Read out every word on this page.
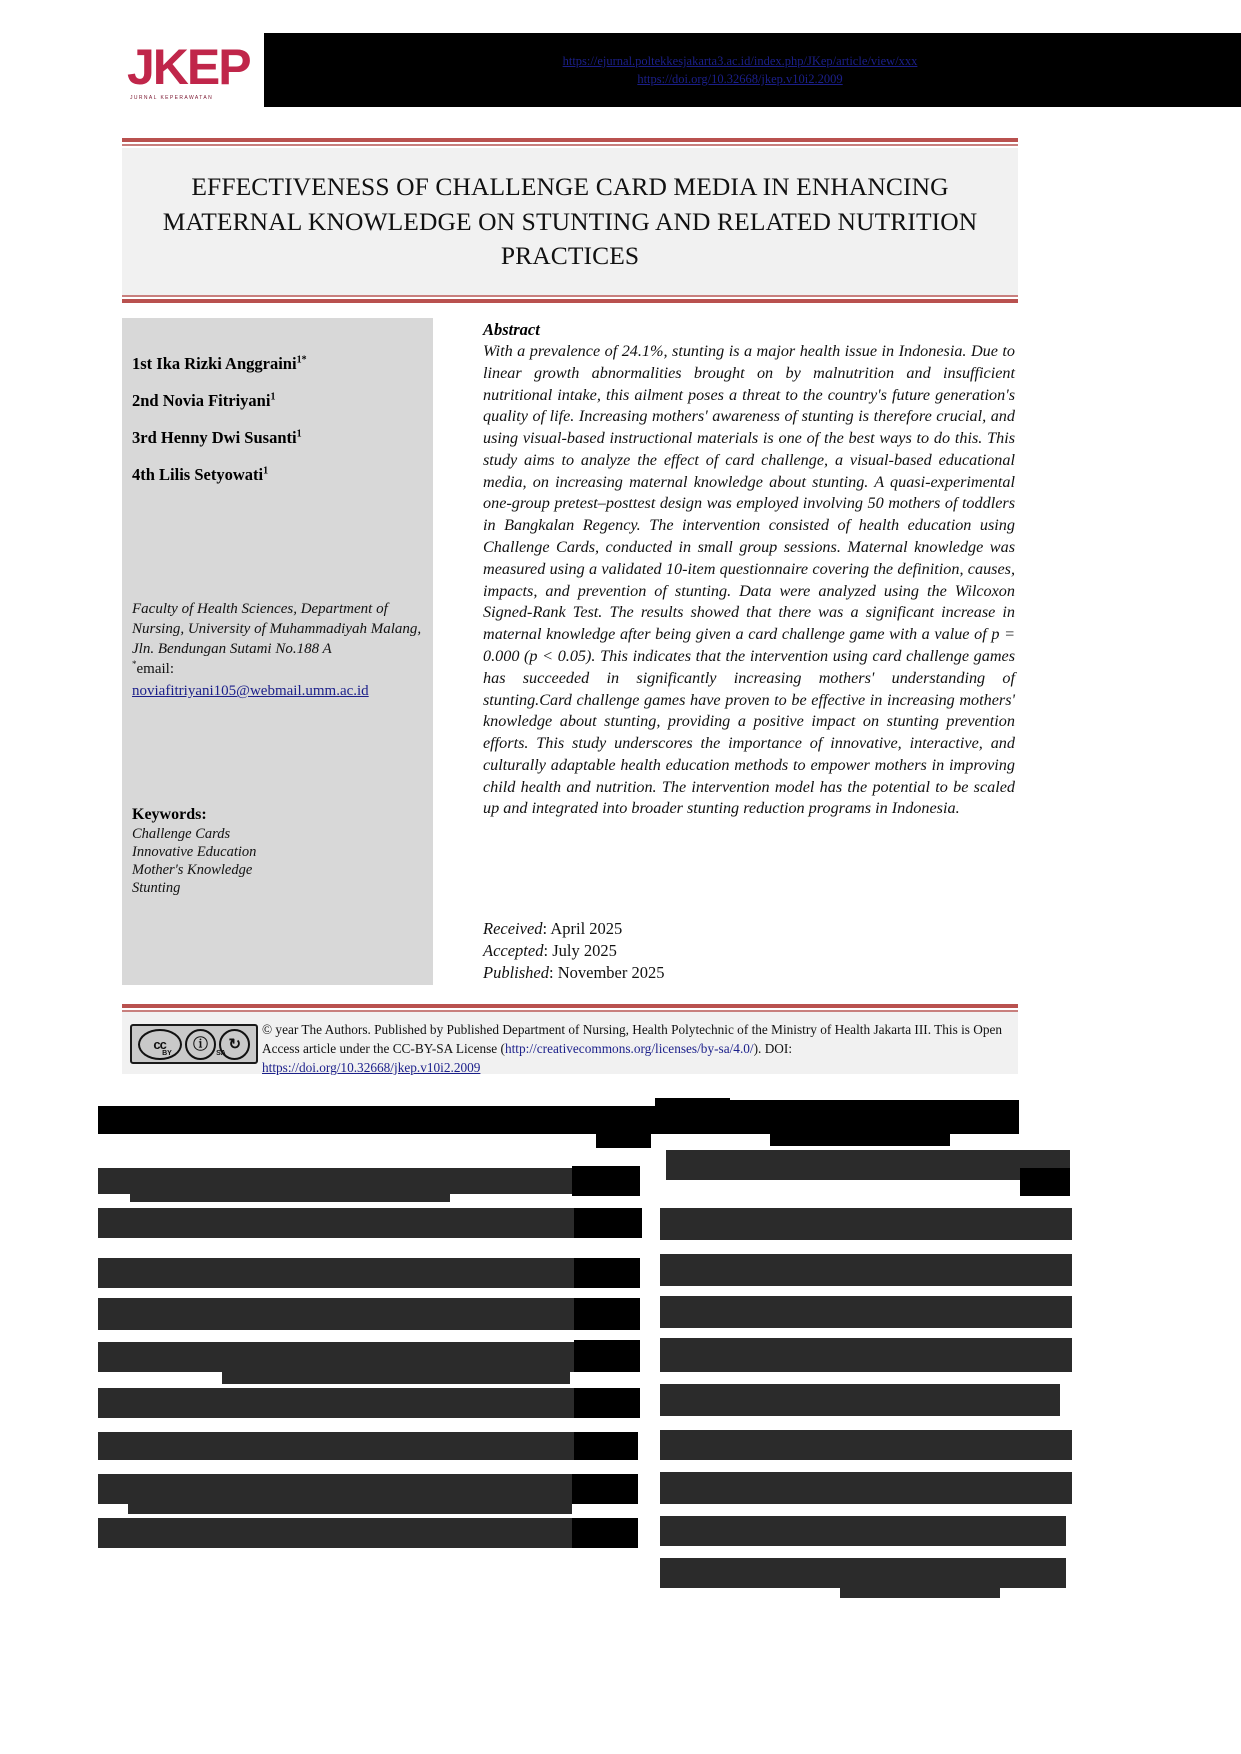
JKEP
JURNAL KEPERAWATAN
https://ejurnal.poltekkesjakarta3.ac.id/index.php/JKep/article/view/xxx
https://doi.org/10.32668/jkep.v10i2.2009
EFFECTIVENESS OF CHALLENGE CARD MEDIA IN ENHANCING MATERNAL KNOWLEDGE ON STUNTING AND RELATED NUTRITION PRACTICES
1st Ika Rizki Anggraini$^{1*}$
2nd Novia Fitriyani$^1$
3rd Henny Dwi Susanti$^1$
4th Lilis Setyowati$^1$
Faculty of Health Sciences, Department of Nursing, University of Muhammadiyah Malang, Jln. Bendungan Sutami No.188 A
*email:
noviafitriyani105@webmail.umm.ac.id
Keywords:
Challenge Cards
Innovative Education
Mother's Knowledge
Stunting
Abstract
With a prevalence of 24.1%, stunting is a major health issue in Indonesia. Due to linear growth abnormalities brought on by malnutrition and insufficient nutritional intake, this ailment poses a threat to the country's future generation's quality of life. Increasing mothers' awareness of stunting is therefore crucial, and using visual-based instructional materials is one of the best ways to do this. This study aims to analyze the effect of card challenge, a visual-based educational media, on increasing maternal knowledge about stunting. A quasi-experimental one-group pretest–posttest design was employed involving 50 mothers of toddlers in Bangkalan Regency. The intervention consisted of health education using Challenge Cards, conducted in small group sessions. Maternal knowledge was measured using a validated 10-item questionnaire covering the definition, causes, impacts, and prevention of stunting. Data were analyzed using the Wilcoxon Signed-Rank Test. The results showed that there was a significant increase in maternal knowledge after being given a card challenge game with a value of p = 0.000 (p < 0.05). This indicates that the intervention using card challenge games has succeeded in significantly increasing mothers' understanding of stunting.Card challenge games have proven to be effective in increasing mothers' knowledge about stunting, providing a positive impact on stunting prevention efforts. This study underscores the importance of innovative, interactive, and culturally adaptable health education methods to empower mothers in improving child health and nutrition. The intervention model has the potential to be scaled up and integrated into broader stunting reduction programs in Indonesia.
Received: April 2025
Accepted: July 2025
Published: November 2025
cc	ⓘ	↻
BY	SA
© year The Authors. Published by Published Department of Nursing, Health Polytechnic of the Ministry of Health Jakarta III. This is Open Access article under the CC-BY-SA License (http://creativecommons.org/licenses/by-sa/4.0/). DOI: https://doi.org/10.32668/jkep.v10i2.2009
